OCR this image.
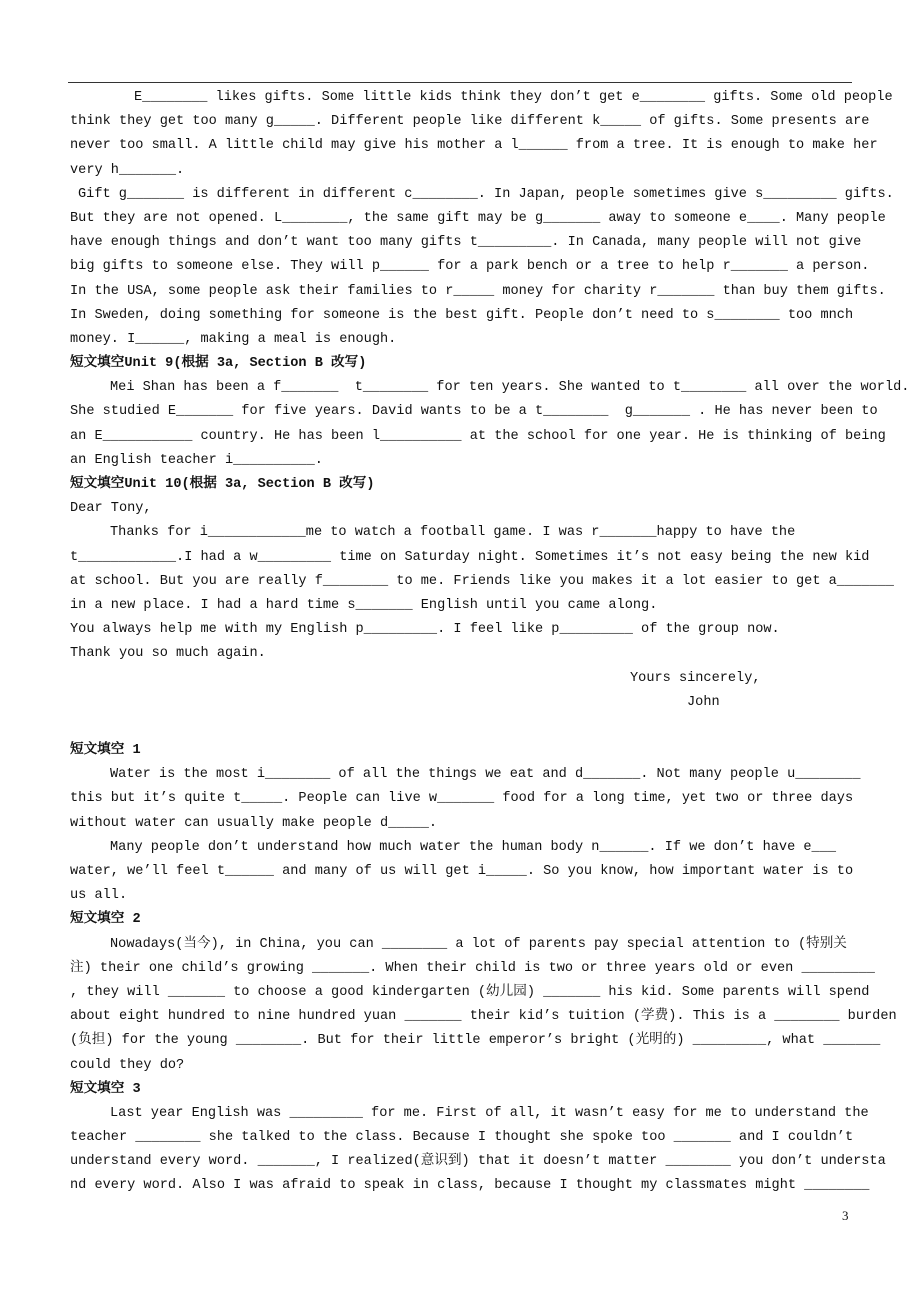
E________ likes gifts. Some little kids think they don’t get e________ gifts. Some old people
think they get too many g_____. Different people like different k_____ of gifts. Some presents are
never too small. A little child may give his mother a l______ from a tree. It is enough to make her
very h_______.
Gift g_______ is different in different c________. In Japan, people sometimes give s_________ gifts.
But they are not opened. L________, the same gift may be g_______ away to someone e____. Many people
have enough things and don’t want too many gifts t_________. In Canada, many people will not give
big gifts to someone else. They will p______ for a park bench or a tree to help r_______ a person.
In the USA, some people ask their families to r_____ money for charity r_______ than buy them gifts.
In Sweden, doing something for someone is the best gift. People don’t need to s________ too mnch
money. I______, making a meal is enough.
短文填空Unit 9(根据 3a, Section B 改写)
Mei Shan has been a f_______  t________ for ten years. She wanted to t________ all over the world.
She studied E_______ for five years. David wants to be a t________  g_______ . He has never been to
an E___________ country. He has been l__________ at the school for one year. He is thinking of being
an English teacher i__________.
短文填空Unit 10(根据 3a, Section B 改写)
Dear Tony,
Thanks for i____________me to watch a football game. I was r_______happy to have the
t____________.I had a w_________ time on Saturday night. Sometimes it’s not easy being the new kid
at school. But you are really f________ to me. Friends like you makes it a lot easier to get a_______
in a new place. I had a hard time s_______ English until you came along.
You always help me with my English p_________. I feel like p_________ of the group now.
Thank you so much again.
Yours sincerely,
John
短文填空 1
Water is the most i________ of all the things we eat and d_______. Not many people u________
this but it’s quite t_____. People can live w_______ food for a long time, yet two or three days
without water can usually make people d_____.
Many people don’t understand how much water the human body n______. If we don’t have e___
water, we’ll feel t______ and many of us will get i_____. So you know, how important water is to
us all.
短文填空 2
Nowadays(当今), in China, you can ________ a lot of parents pay special attention to (特别关
注) their one child’s growing _______. When their child is two or three years old or even _________
, they will _______ to choose a good kindergarten (幼儿园) _______ his kid. Some parents will spend
about eight hundred to nine hundred yuan _______ their kid’s tuition (学费). This is a ________ burden
(负担) for the young ________. But for their little emperor’s bright (光明的) _________, what _______
could they do?
短文填空 3
Last year English was _________ for me. First of all, it wasn’t easy for me to understand the
teacher ________ she talked to the class. Because I thought she spoke too _______ and I couldn’t
understand every word. _______, I realized(意识到) that it doesn’t matter ________ you don’t understa
nd every word. Also I was afraid to speak in class, because I thought my classmates might ________
3
